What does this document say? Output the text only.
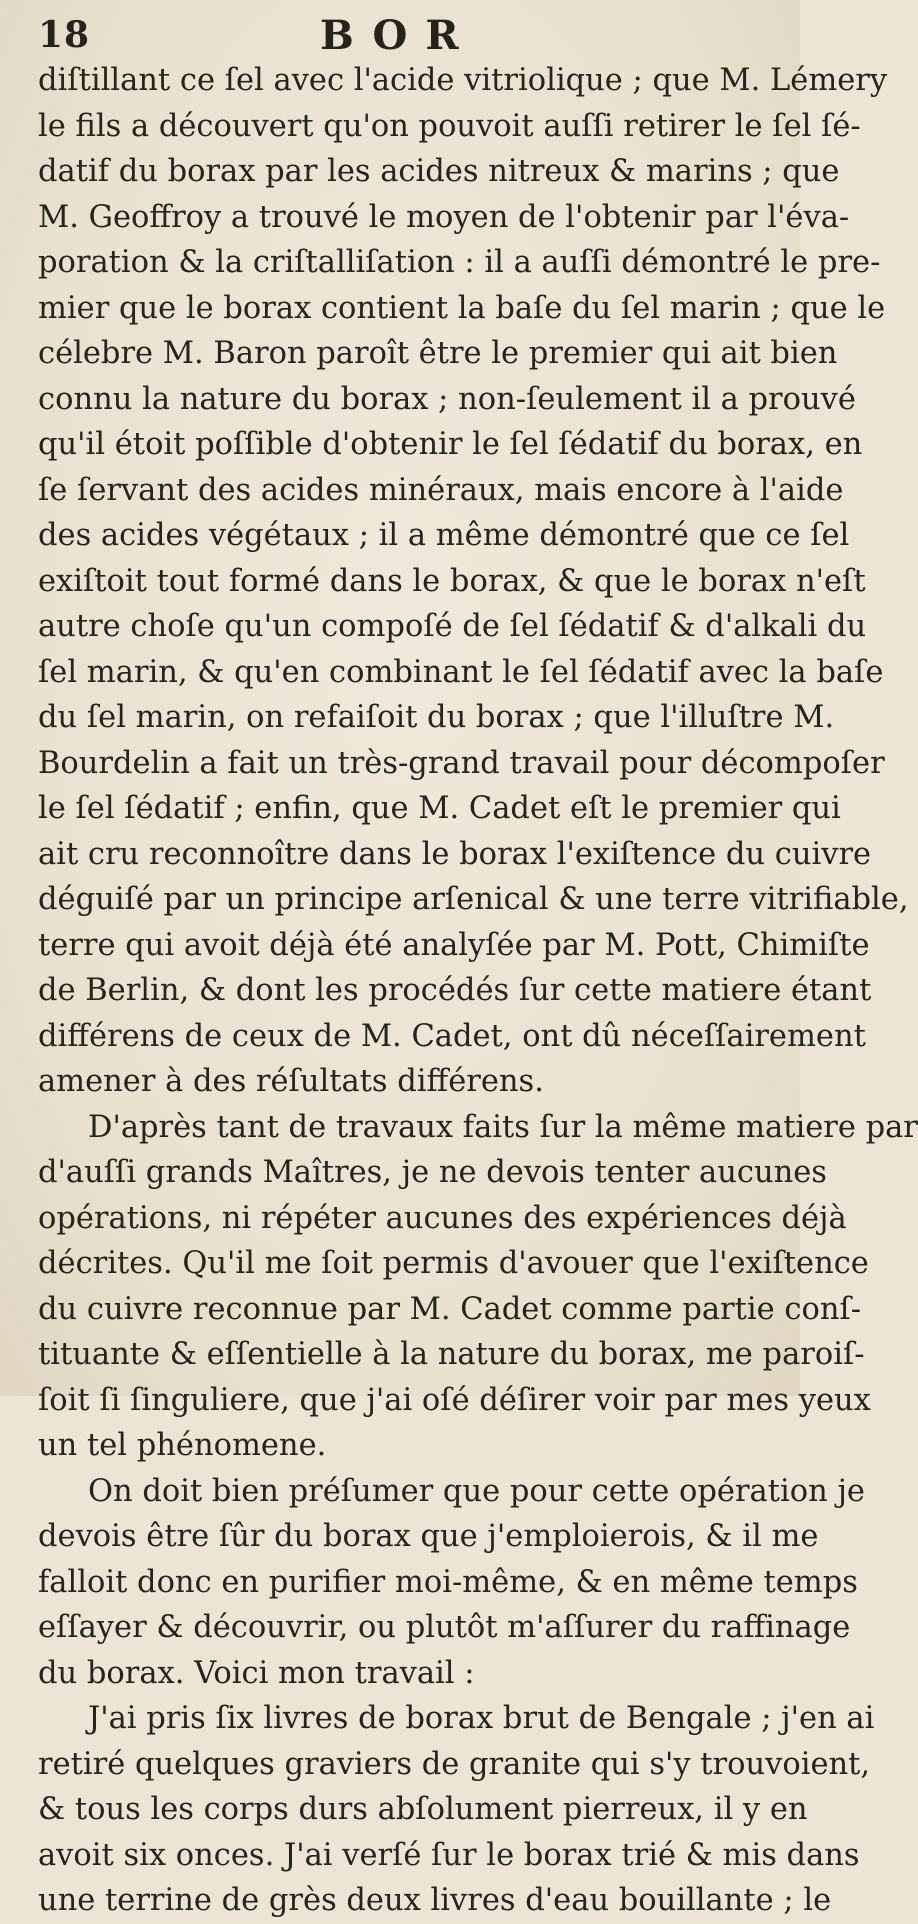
18	BOR
diſtillant ce ſel avec l'acide vitriolique ; que M. Lémery
le fils a découvert qu'on pouvoit auſſi retirer le ſel ſé-
datif du borax par les acides nitreux & marins ; que
M. Geoffroy a trouvé le moyen de l'obtenir par l'éva-
poration & la criſtalliſation : il a auſſi démontré le pre-
mier que le borax contient la baſe du ſel marin ; que le
célebre M. Baron paroît être le premier qui ait bien
connu la nature du borax ; non-ſeulement il a prouvé
qu'il étoit poſſible d'obtenir le ſel ſédatif du borax, en
ſe ſervant des acides minéraux, mais encore à l'aide
des acides végétaux ; il a même démontré que ce ſel
exiſtoit tout formé dans le borax, & que le borax n'eſt
autre choſe qu'un compoſé de ſel ſédatif & d'alkali du
ſel marin, & qu'en combinant le ſel ſédatif avec la baſe
du ſel marin, on refaiſoit du borax ; que l'illuſtre M.
Bourdelin a fait un très-grand travail pour décompoſer
le ſel ſédatif ; enfin, que M. Cadet eſt le premier qui
ait cru reconnoître dans le borax l'exiſtence du cuivre
déguiſé par un principe arſenical & une terre vitrifiable,
terre qui avoit déjà été analyſée par M. Pott, Chimiſte
de Berlin, & dont les procédés ſur cette matiere étant
différens de ceux de M. Cadet, ont dû néceſſairement
amener à des réſultats différens.
D'après tant de travaux faits ſur la même matiere par
d'auſſi grands Maîtres, je ne devois tenter aucunes
opérations, ni répéter aucunes des expériences déjà
décrites. Qu'il me ſoit permis d'avouer que l'exiſtence
du cuivre reconnue par M. Cadet comme partie conſ-
tituante & eſſentielle à la nature du borax, me paroiſ-
ſoit ſi ſinguliere, que j'ai oſé déſirer voir par mes yeux
un tel phénomene.
On doit bien préſumer que pour cette opération je
devois être ſûr du borax que j'emploierois, & il me
falloit donc en purifier moi-même, & en même temps
eſſayer & découvrir, ou plutôt m'aſſurer du raffinage
du borax. Voici mon travail :
J'ai pris ſix livres de borax brut de Bengale ; j'en ai
retiré quelques graviers de granite qui s'y trouvoient,
& tous les corps durs abſolument pierreux, il y en
avoit six onces. J'ai verſé ſur le borax trié & mis dans
une terrine de grès deux livres d'eau bouillante ; le
